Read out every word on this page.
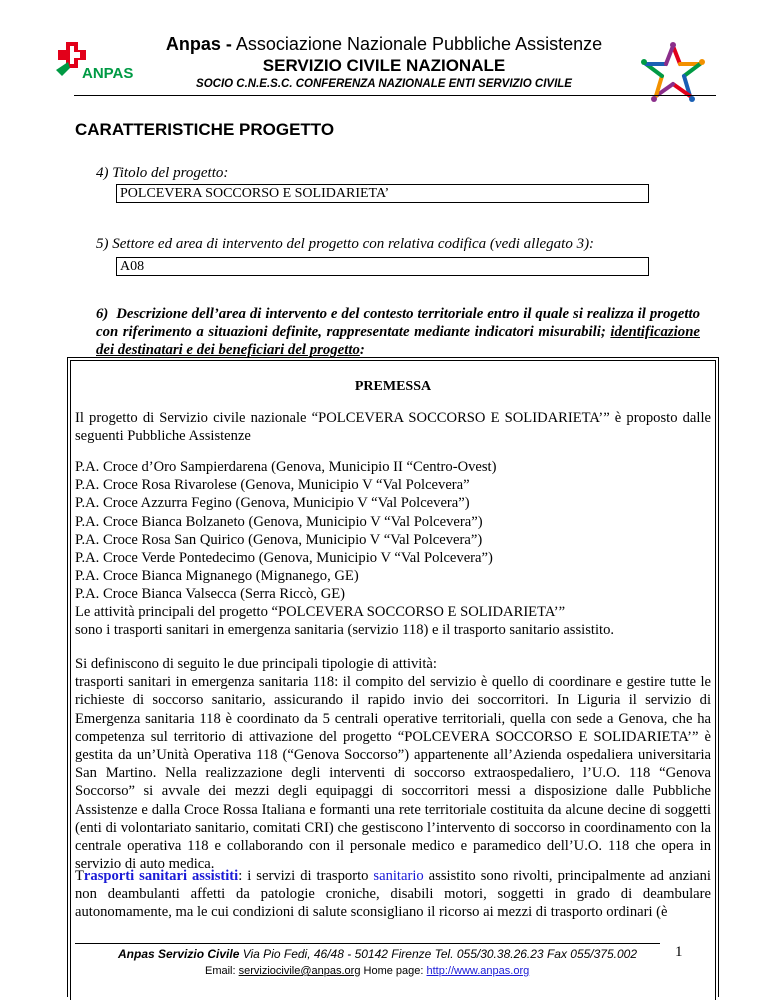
ANPAS
Anpas - Associazione Nazionale Pubbliche Assistenze
SERVIZIO CIVILE NAZIONALE
SOCIO C.N.E.S.C. CONFERENZA NAZIONALE ENTI SERVIZIO CIVILE
CARATTERISTICHE PROGETTO
4) Titolo del progetto:
POLCEVERA SOCCORSO E SOLIDARIETA’
5) Settore ed area di intervento del progetto con relativa codifica (vedi allegato 3):
A08
6) Descrizione dell’area di intervento e del contesto territoriale entro il quale si realizza il progetto con riferimento a situazioni definite, rappresentate mediante indicatori misurabili; identificazione dei destinatari e dei beneficiari del progetto:
PREMESSA
Il progetto di Servizio civile nazionale “POLCEVERA SOCCORSO E SOLIDARIETA’” è proposto dalle seguenti Pubbliche Assistenze
P.A. Croce d’Oro Sampierdarena (Genova, Municipio II “Centro-Ovest)
P.A. Croce Rosa Rivarolese (Genova, Municipio V “Val Polcevera”
P.A. Croce Azzurra Fegino (Genova, Municipio V “Val Polcevera”)
P.A. Croce Bianca Bolzaneto (Genova, Municipio V “Val Polcevera”)
P.A. Croce Rosa San Quirico (Genova, Municipio V “Val Polcevera”)
P.A. Croce Verde Pontedecimo (Genova, Municipio V “Val Polcevera”)
P.A. Croce Bianca Mignanego (Mignanego, GE)
P.A. Croce Bianca Valsecca (Serra Riccò, GE)
Le attività principali del progetto “POLCEVERA SOCCORSO E SOLIDARIETA’”
sono i trasporti sanitari in emergenza sanitaria (servizio 118) e il trasporto sanitario assistito.
Si definiscono di seguito le due principali tipologie di attività:
trasporti sanitari in emergenza sanitaria 118: il compito del servizio è quello di coordinare e gestire tutte le richieste di soccorso sanitario, assicurando il rapido invio dei soccorritori. In Liguria il servizio di Emergenza sanitaria 118 è coordinato da 5 centrali operative territoriali, quella con sede a Genova, che ha competenza sul territorio di attivazione del progetto “POLCEVERA SOCCORSO E SOLIDARIETA’” è gestita da un’Unità Operativa 118 (“Genova Soccorso”) appartenente all’Azienda ospedaliera universitaria San Martino. Nella realizzazione degli interventi di soccorso extraospedaliero, l’U.O. 118 “Genova Soccorso” si avvale dei mezzi degli equipaggi di soccorritori messi a disposizione dalle Pubbliche Assistenze e dalla Croce Rossa Italiana e formanti una rete territoriale costituita da alcune decine di soggetti (enti di volontariato sanitario, comitati CRI) che gestiscono l’intervento di soccorso in coordinamento con la centrale operativa 118 e collaborando con il personale medico e paramedico dell’U.O. 118 che opera in servizio di auto medica.
Trasporti sanitari assistiti: i servizi di trasporto sanitario assistito sono rivolti, principalmente ad anziani non deambulanti affetti da patologie croniche, disabili motori, soggetti in grado di deambulare autonomamente, ma le cui condizioni di salute sconsigliano il ricorso ai mezzi di trasporto ordinari (è
Anpas Servizio Civile Via Pio Fedi, 46/48 - 50142 Firenze Tel. 055/30.38.26.23 Fax 055/375.002
Email: serviziocivile@anpas.org Home page: http://www.anpas.org
1
